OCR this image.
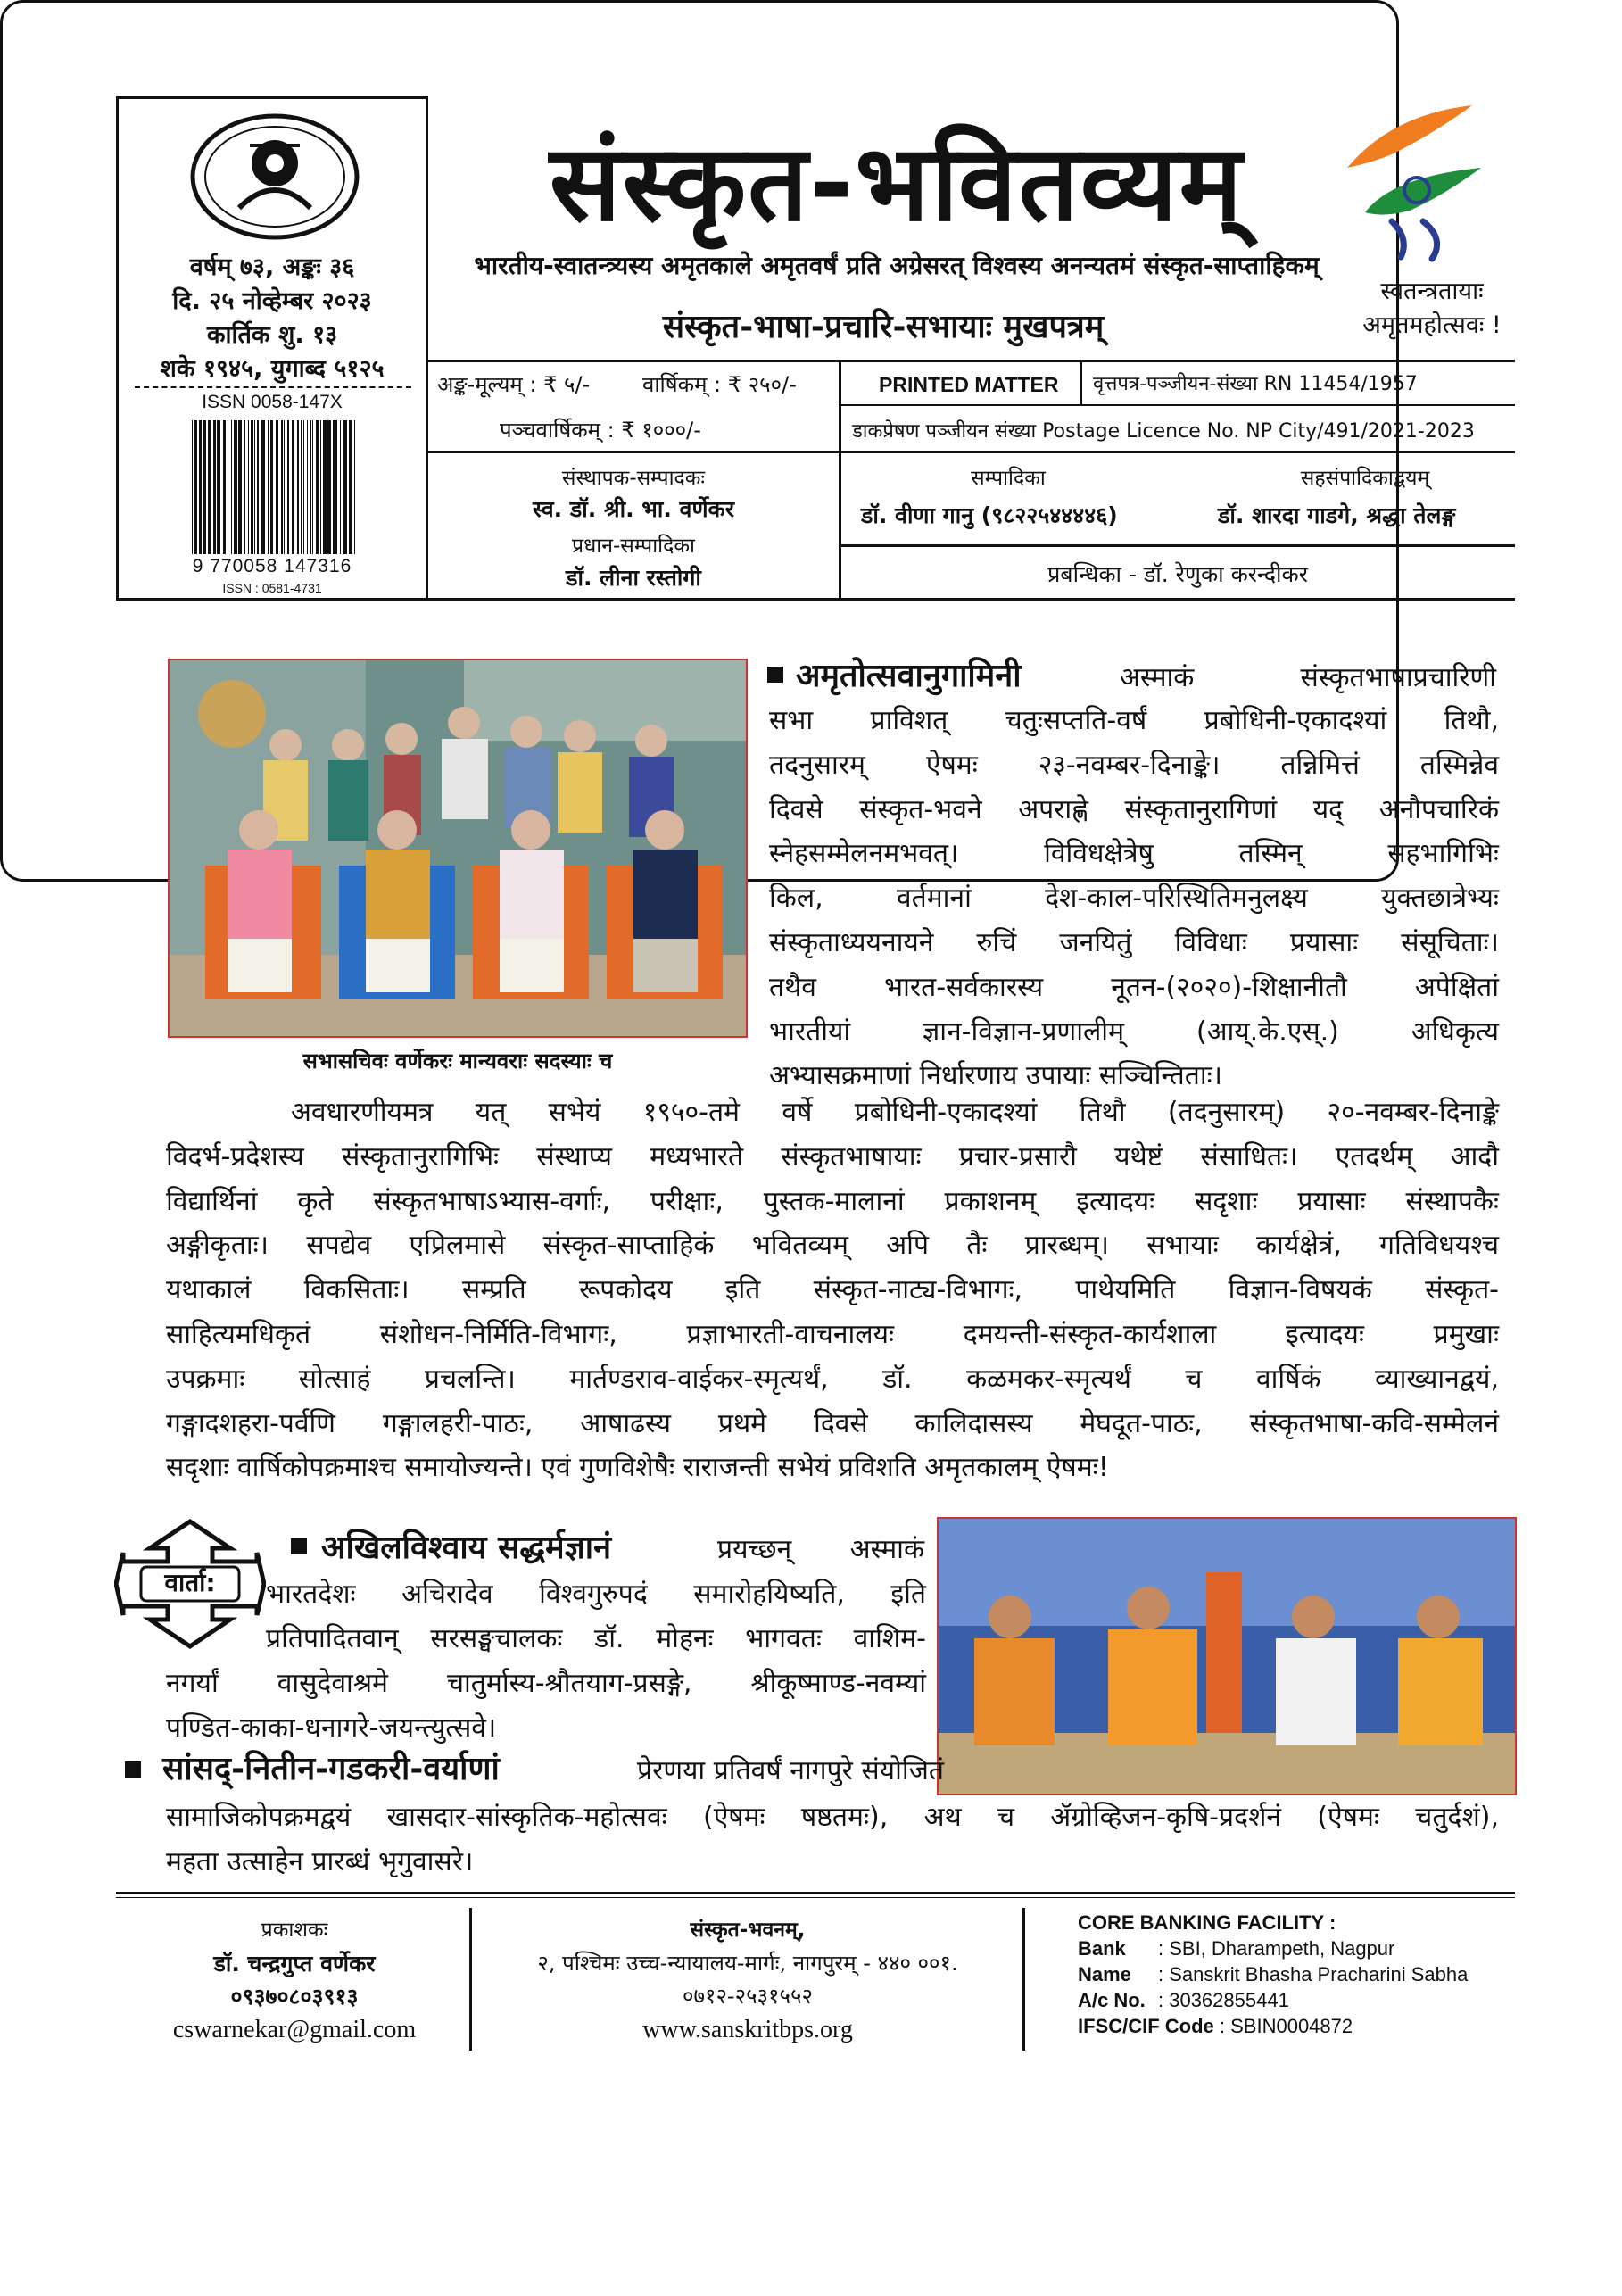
वर्षम् ७३, अङ्कः ३६
दि. २५ नोव्हेम्बर २०२३
कार्तिक शु. १३
शके १९४५, युगाब्द ५१२५
ISSN 0058-147X
9 770058 147316
ISSN : 0581-4731
संस्कृत-भवितव्यम्
भारतीय-स्वातन्त्र्यस्य अमृतकाले अमृतवर्षं प्रति अग्रेसरत् विश्वस्य अनन्यतमं संस्कृत-साप्ताहिकम्
संस्कृत-भाषा-प्रचारि-सभायाः मुखपत्रम्
स्वतन्त्रतायाः
अमृतमहोत्सवः !
अङ्क-मूल्यम् : ₹ ५/- वार्षिकम् : ₹ २५०/-
पञ्चवार्षिकम् : ₹ १०००/-
PRINTED MATTER वृत्तपत्र-पञ्जीयन-संख्या RN 11454/1957
डाकप्रेषण पञ्जीयन संख्या Postage Licence No. NP City/491/2021-2023
संस्थापक-सम्पादकः
स्व. डॉ. श्री. भा. वर्णेकर
प्रधान-सम्पादिका
डॉ. लीना रस्तोगी
सम्पादिका
डॉ. वीणा गानु (९८२२५४४४४६)
सहसंपादिकाद्वयम्
डॉ. शारदा गाडगे, श्रद्धा तेलङ्ग
प्रबन्धिका - डॉ. रेणुका करन्दीकर
सभासचिवः वर्णेकरः मान्यवराः सदस्याः च
अमृतोत्सवानुगामिनी	अस्माकं संस्कृतभाषाप्रचारिणी
सभा प्राविशत् चतुःसप्तति-वर्षं प्रबोधिनी-एकादश्यां तिथौ,
तदनुसारम् ऐषमः २३-नवम्बर-दिनाङ्के। तन्निमित्तं तस्मिन्नेव
दिवसे संस्कृत-भवने अपराह्णे संस्कृतानुरागिणां यद् अनौपचारिकं
स्नेहसम्मेलनमभवत्। विविधक्षेत्रेषु तस्मिन् सहभागिभिः
किल, वर्तमानां देश-काल-परिस्थितिमनुलक्ष्य युक्तछात्रेभ्यः
संस्कृताध्ययनायने रुचिं जनयितुं विविधाः प्रयासाः संसूचिताः।
तथैव भारत-सर्वकारस्य नूतन-(२०२०)-शिक्षानीतौ अपेक्षितां
भारतीयां ज्ञान-विज्ञान-प्रणालीम् (आय्.के.एस्.) अधिकृत्य
अभ्यासक्रमाणां निर्धारणाय उपायाः सञ्चिन्तिताः।
अवधारणीयमत्र यत् सभेयं १९५०-तमे वर्षे प्रबोधिनी-एकादश्यां तिथौ (तदनुसारम्) २०-नवम्बर-दिनाङ्के
विदर्भ-प्रदेशस्य संस्कृतानुरागिभिः संस्थाप्य मध्यभारते संस्कृतभाषायाः प्रचार-प्रसारौ यथेष्टं संसाधितः। एतदर्थम् आदौ
विद्यार्थिनां कृते संस्कृतभाषाऽभ्यास-वर्गाः, परीक्षाः, पुस्तक-मालानां प्रकाशनम् इत्यादयः सदृशाः प्रयासाः संस्थापकैः
अङ्गीकृताः। सपद्येव एप्रिलमासे संस्कृत-साप्ताहिकं भवितव्यम् अपि तैः प्रारब्धम्। सभायाः कार्यक्षेत्रं, गतिविधयश्च
यथाकालं विकसिताः। सम्प्रति रूपकोदय इति संस्कृत-नाट्य-विभागः, पाथेयमिति विज्ञान-विषयकं संस्कृत-
साहित्यमधिकृतं संशोधन-निर्मिति-विभागः, प्रज्ञाभारती-वाचनालयः दमयन्ती-संस्कृत-कार्यशाला इत्यादयः प्रमुखाः
उपक्रमाः सोत्साहं प्रचलन्ति। मार्तण्डराव-वाईकर-स्मृत्यर्थं, डॉ. कळमकर-स्मृत्यर्थं च वार्षिकं व्याख्यानद्वयं,
गङ्गादशहरा-पर्वणि गङ्गालहरी-पाठः, आषाढस्य प्रथमे दिवसे कालिदासस्य मेघदूत-पाठः, संस्कृतभाषा-कवि-सम्मेलनं
सदृशाः वार्षिकोपक्रमाश्च समायोज्यन्ते। एवं गुणविशेषैः राराजन्ती सभेयं प्रविशति अमृतकालम् ऐषमः!
वार्ता:
अखिलविश्वाय सद्धर्मज्ञानं	प्रयच्छन् अस्माकं
भारतदेशः अचिरादेव विश्वगुरुपदं समारोहयिष्यति, इति
प्रतिपादितवान् सरसङ्घचालकः डॉ. मोहनः भागवतः वाशिम-
नगर्यां वासुदेवाश्रमे चातुर्मास्य-श्रौतयाग-प्रसङ्गे, श्रीकूष्माण्ड-नवम्यां
पण्डित-काका-धनागरे-जयन्त्युत्सवे।
सांसद्-नितीन-गडकरी-वर्याणां	प्रेरणया प्रतिवर्षं नागपुरे संयोजितं
सामाजिकोपक्रमद्वयं खासदार-सांस्कृतिक-महोत्सवः (ऐषमः षष्ठतमः), अथ च ॲग्रोव्हिजन-कृषि-प्रदर्शनं (ऐषमः चतुर्दशं),
महता उत्साहेन प्रारब्धं भृगुवासरे।
प्रकाशकः
डॉ. चन्द्रगुप्त वर्णेकर
०९३७०८०३९१३
cswarnekar@gmail.com
संस्कृत-भवनम्,
२, पश्चिमः उच्च-न्यायालय-मार्गः, नागपुरम् - ४४० ००१.
०७१२-२५३१५५२
www.sanskritbps.org
CORE BANKING FACILITY :
Bank : SBI, Dharampeth, Nagpur
Name : Sanskrit Bhasha Pracharini Sabha
A/c No. : 30362855441
IFSC/CIF Code : SBIN0004872
